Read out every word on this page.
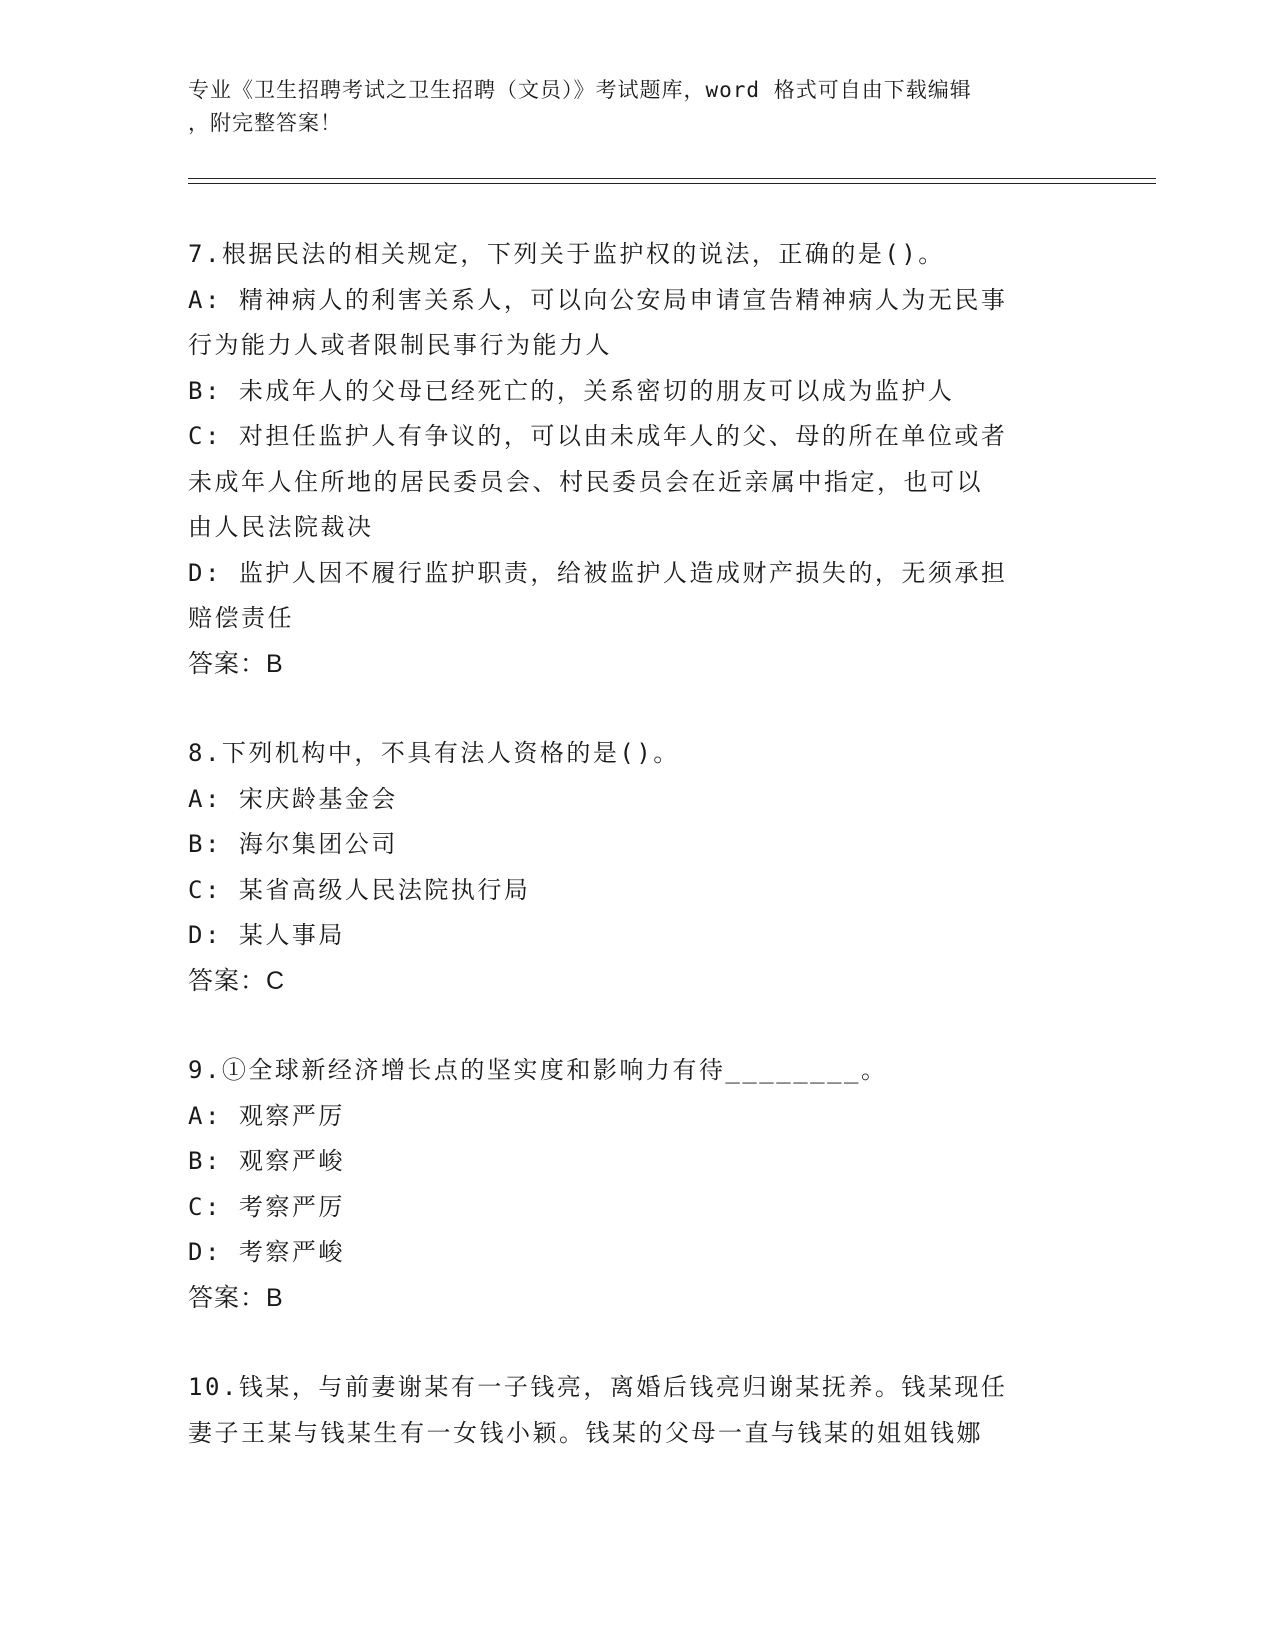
专业《卫生招聘考试之卫生招聘（文员）》考试题库，word 格式可自由下载编辑
，附完整答案！
7.根据民法的相关规定，下列关于监护权的说法，正确的是()。
A: 精神病人的利害关系人，可以向公安局申请宣告精神病人为无民事
行为能力人或者限制民事行为能力人
B: 未成年人的父母已经死亡的，关系密切的朋友可以成为监护人
C: 对担任监护人有争议的，可以由未成年人的父、母的所在单位或者
未成年人住所地的居民委员会、村民委员会在近亲属中指定，也可以
由人民法院裁决
D: 监护人因不履行监护职责，给被监护人造成财产损失的，无须承担
赔偿责任
答案：B
8.下列机构中，不具有法人资格的是()。
A: 宋庆龄基金会
B: 海尔集团公司
C: 某省高级人民法院执行局
D: 某人事局
答案：C
9.①全球新经济增长点的坚实度和影响力有待________。
A: 观察严厉
B: 观察严峻
C: 考察严厉
D: 考察严峻
答案：B
10.钱某，与前妻谢某有一子钱亮，离婚后钱亮归谢某抚养。钱某现任
妻子王某与钱某生有一女钱小颖。钱某的父母一直与钱某的姐姐钱娜
